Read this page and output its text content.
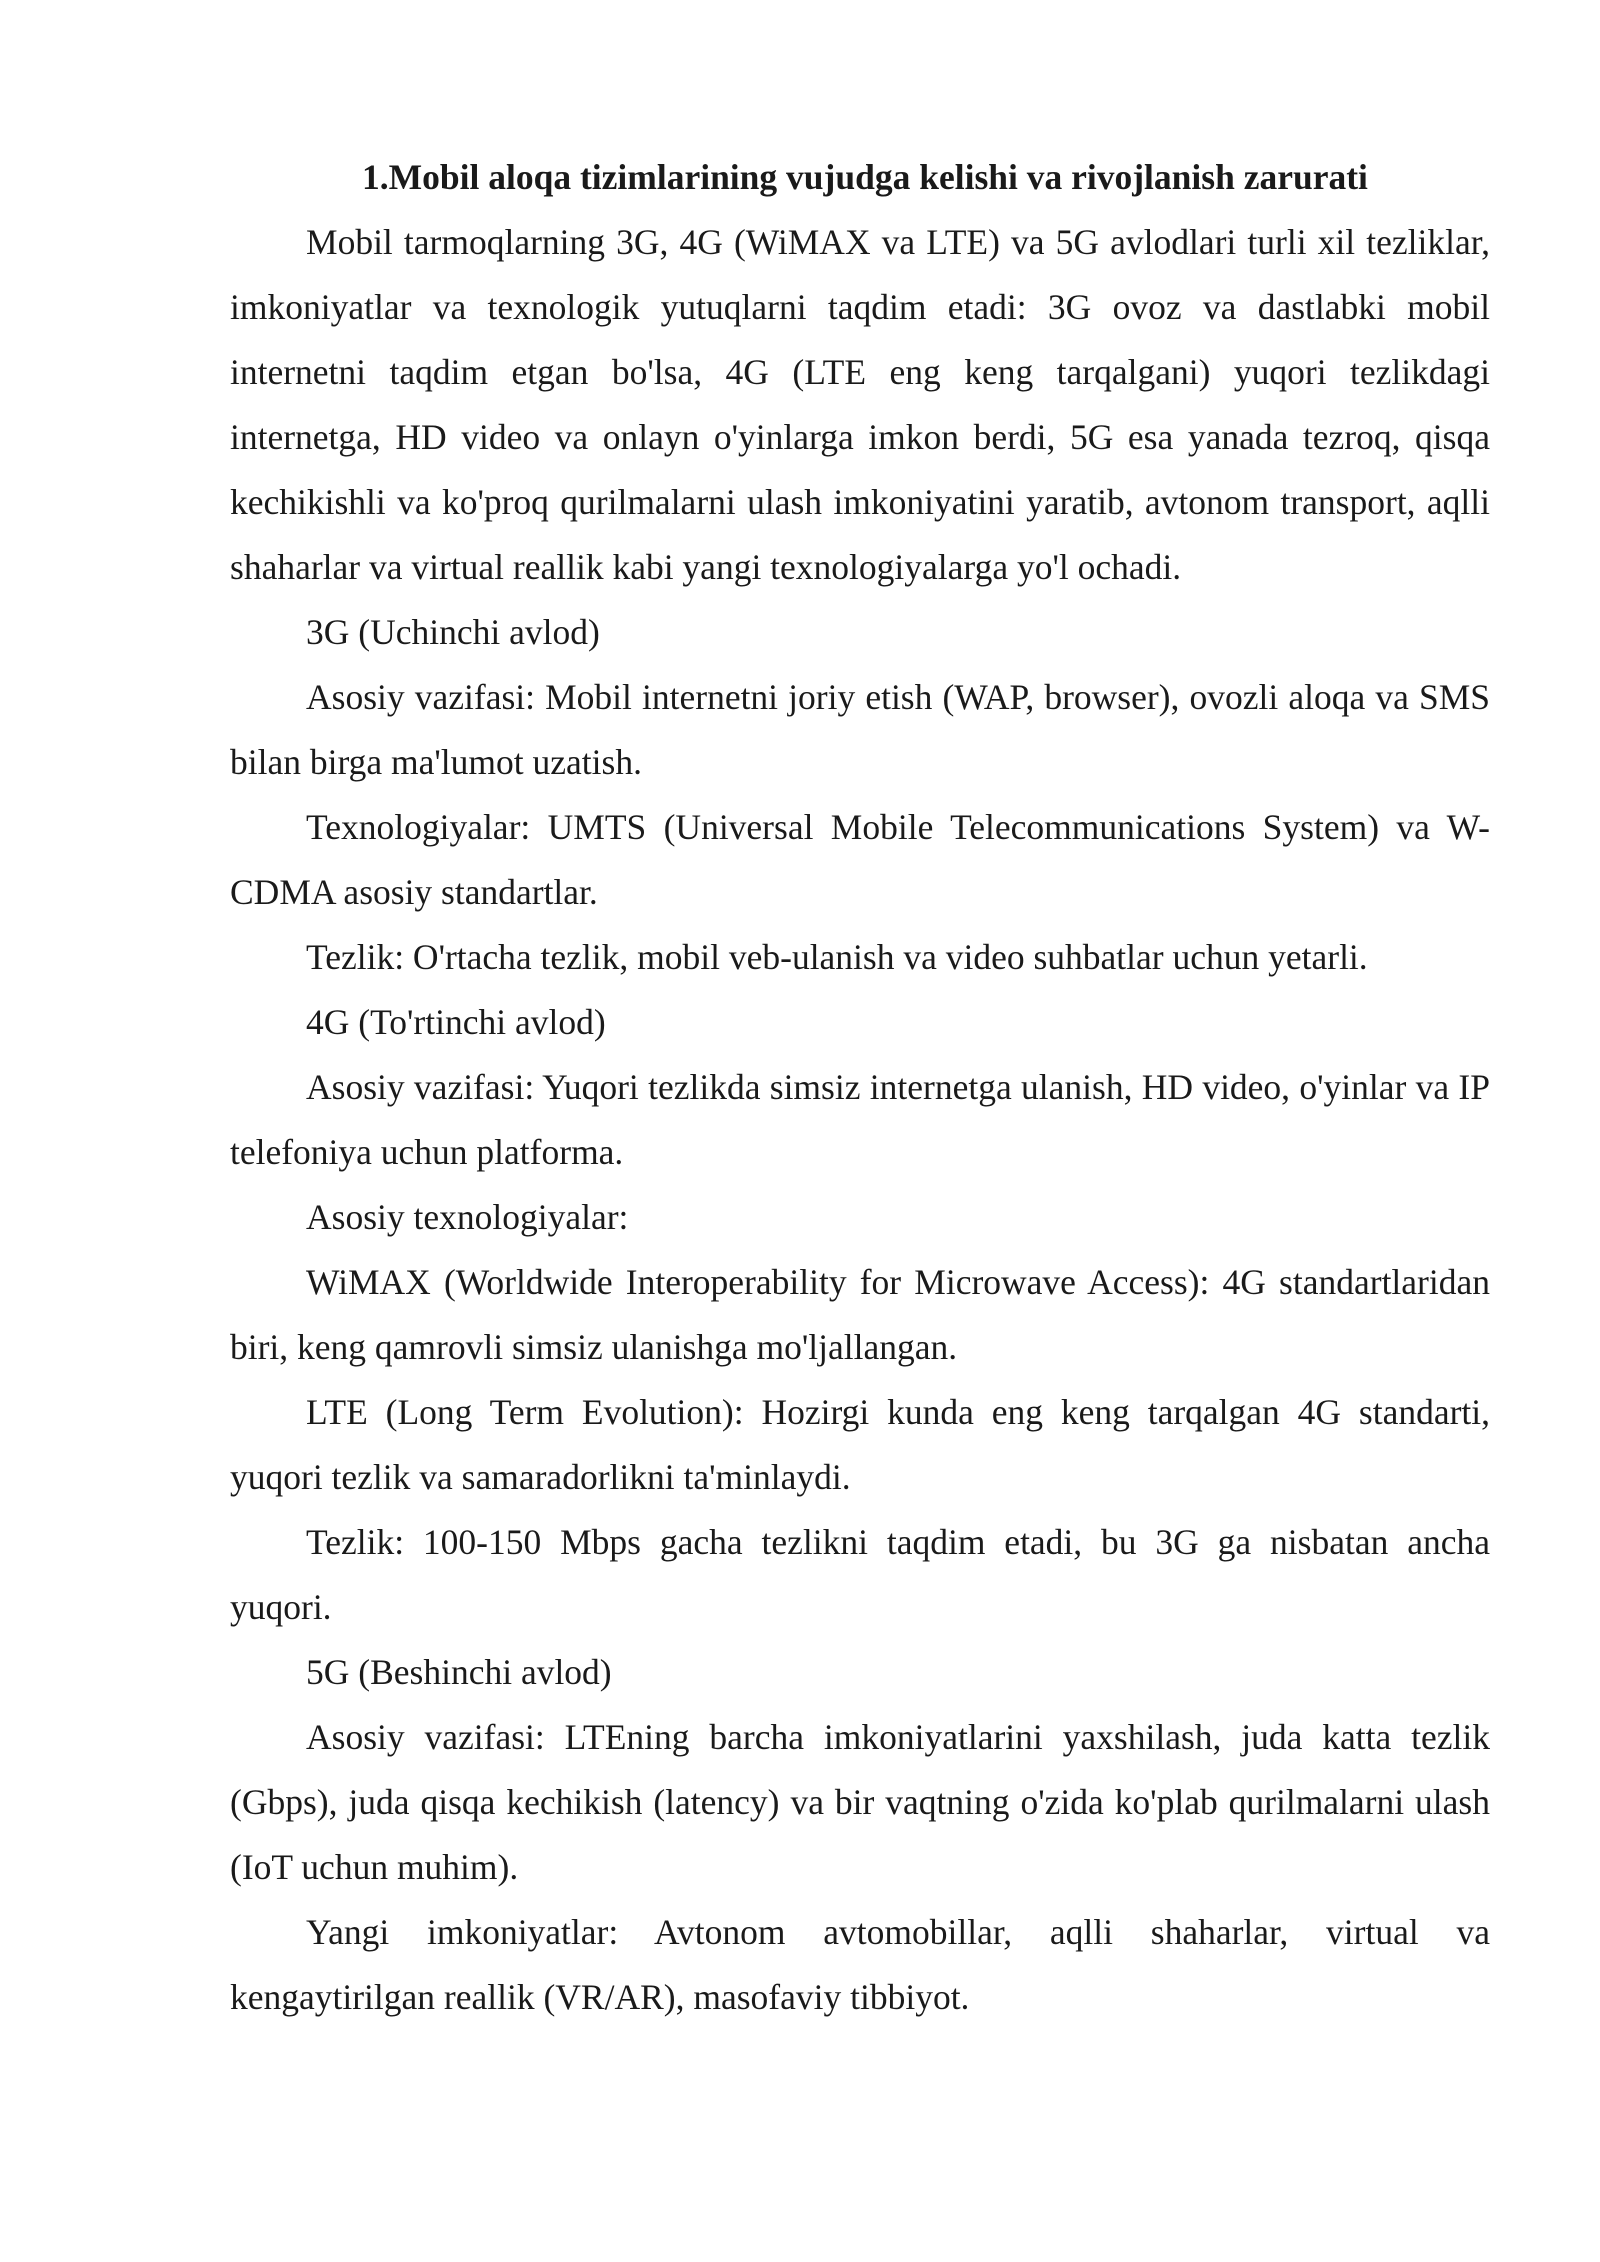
1.Mobil aloqa tizimlarining vujudga kelishi va rivojlanish zarurati

Mobil tarmoqlarning 3G, 4G (WiMAX va LTE) va 5G avlodlari turli xil tezliklar, imkoniyatlar va texnologik yutuqlarni taqdim etadi: 3G ovoz va dastlabki mobil internetni taqdim etgan bo'lsa, 4G (LTE eng keng tarqalgani) yuqori tezlikdagi internetga, HD video va onlayn o'yinlarga imkon berdi, 5G esa yanada tezroq, qisqa kechikishli va ko'proq qurilmalarni ulash imkoniyatini yaratib, avtonom transport, aqlli shaharlar va virtual reallik kabi yangi texnologiyalarga yo'l ochadi.

3G (Uchinchi avlod)

Asosiy vazifasi: Mobil internetni joriy etish (WAP, browser), ovozli aloqa va SMS bilan birga ma'lumot uzatish.

Texnologiyalar: UMTS (Universal Mobile Telecommunications System) va W-CDMA asosiy standartlar.

Tezlik: O'rtacha tezlik, mobil veb-ulanish va video suhbatlar uchun yetarli.

4G (To'rtinchi avlod)

Asosiy vazifasi: Yuqori tezlikda simsiz internetga ulanish, HD video, o'yinlar va IP telefoniya uchun platforma.

Asosiy texnologiyalar:

WiMAX (Worldwide Interoperability for Microwave Access): 4G standartlaridan biri, keng qamrovli simsiz ulanishga mo'ljallangan.

LTE (Long Term Evolution): Hozirgi kunda eng keng tarqalgan 4G standarti, yuqori tezlik va samaradorlikni ta'minlaydi.

Tezlik: 100-150 Mbps gacha tezlikni taqdim etadi, bu 3G ga nisbatan ancha yuqori.

5G (Beshinchi avlod)

Asosiy vazifasi: LTEning barcha imkoniyatlarini yaxshilash, juda katta tezlik (Gbps), juda qisqa kechikish (latency) va bir vaqtning o'zida ko'plab qurilmalarni ulash (IoT uchun muhim).

Yangi imkoniyatlar: Avtonom avtomobillar, aqlli shaharlar, virtual va kengaytirilgan reallik (VR/AR), masofaviy tibbiyot.
